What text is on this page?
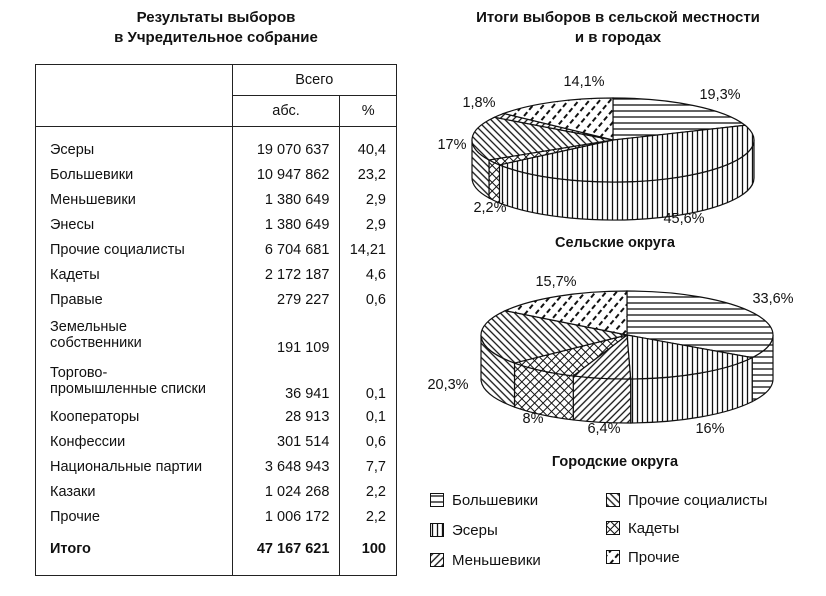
Результаты выборов
в Учредительное собрание
	Всего	
	абс.	%
Эсеры	19 070 637	40,4
Большевики	10 947 862	23,2
Меньшевики	1 380 649	2,9
Энесы	1 380 649	2,9
Прочие социалисты	6 704 681	14,21
Кадеты	2 172 187	4,6
Правые	279 227	0,6

Земельные
собственники	191 109	

Торгово-
промышленные списки	36 941	0,1
Кооператоры	28 913	0,1
Конфессии	301 514	0,6
Национальные партии	3 648 943	7,7
Казаки	1 024 268	2,2
Прочие	1 006 172	2,2
Итого	47 167 621	100
Итоги выборов в сельской местности
и в городах
19,3%
45,6%
2,2%
17%
1,8%
14,1%
33,6%
16%
6,4%
8%
20,3%
15,7%
Сельские округа
Городские округа
Большевики
Эсеры
Меньшевики
Прочие социалисты
Кадеты
Прочие
